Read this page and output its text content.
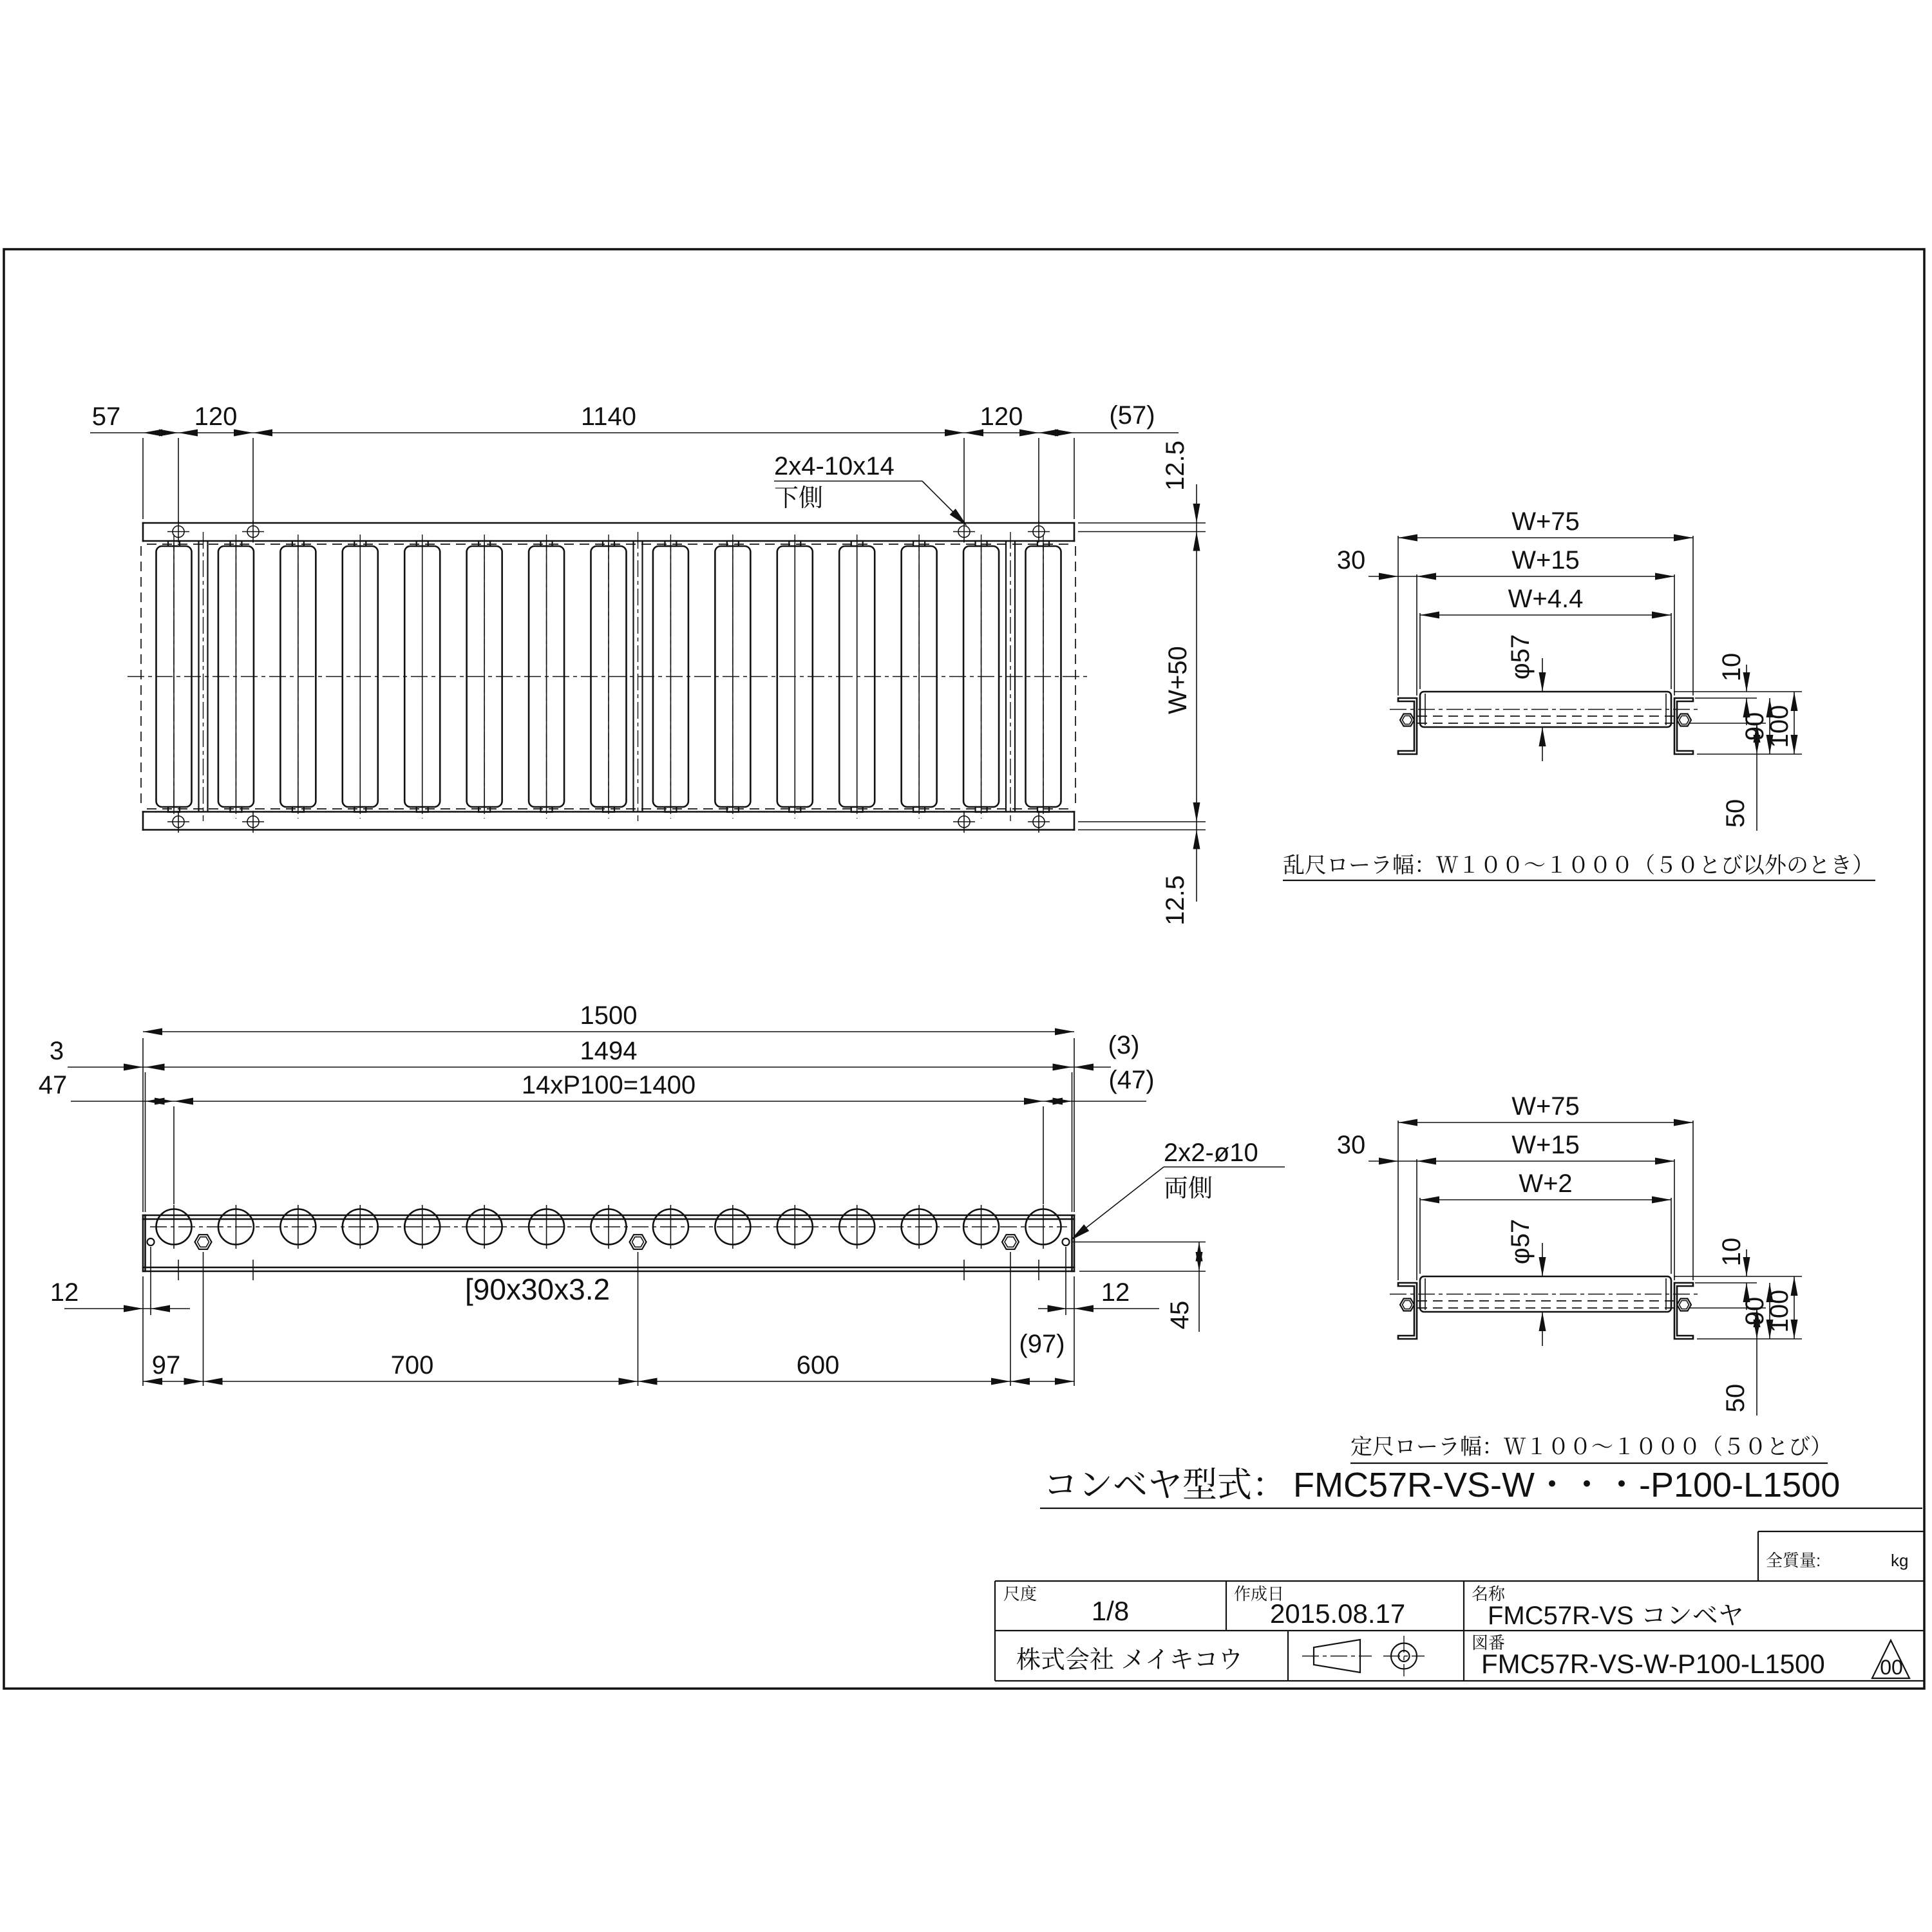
57	120	1140	120	(57)
2x4-10x14
下側
12.5
W+50
12.5
1500
1494
14xP100=1400
3
47
(3)
(47)
2x2-ø10
両側
[90x30x3.2
12	12
45
97	700	600
(97)
W+75
30	W+15
W+4.4
φ57	10
90
100
50
乱尺ローラ幅：Ｗ１００～１０００（５０とび以外のとき）
W+75
30	W+15
W+2
φ57	10
90
100
50
定尺ローラ幅：Ｗ１００～１０００（５０とび）
コンベヤ型式： FMC57R-VS-W・・・-P100-L1500
尺度
1/8
作成日
2015.08.17
名称
FMC57R-VS コンベヤ
株式会社 メイキコウ
図番
FMC57R-VS-W-P100-L1500	00
全質量:	kg
